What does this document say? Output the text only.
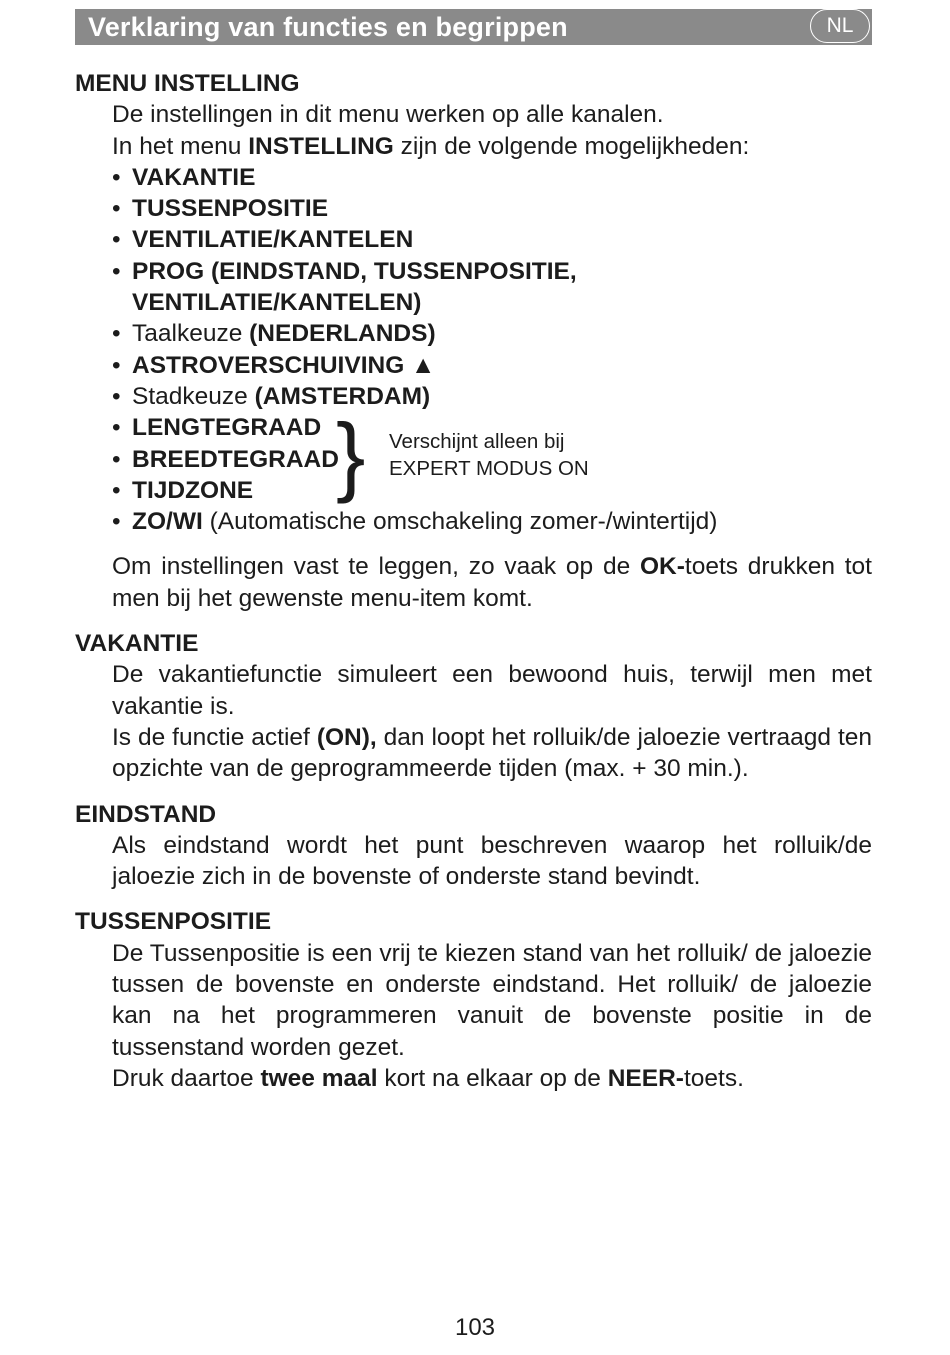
Verklaring van functies en begrippen	NL

MENU INSTELLING

De instellingen in dit menu werken op alle kanalen.

In het menu INSTELLING zijn de volgende mogelijkheden:

• VAKANTIE
• TUSSENPOSITIE
• VENTILATIE/KANTELEN
• PROG (EINDSTAND, TUSSENPOSITIE,
VENTILATIE/KANTELEN)
• Taalkeuze (NEDERLANDS)
• ASTROVERSCHUIVING ▲
• Stadkeuze (AMSTERDAM)
• LENGTEGRAAD
• BREEDTEGRAAD
• TIJDZONE } Verschijnt alleen bij
EXPERT MODUS ON
• ZO/WI (Automatische omschakeling zomer-/wintertijd)

Om instellingen vast te leggen, zo vaak op de OK-toets drukken tot men bij het gewenste menu-item komt.

VAKANTIE

De vakantiefunctie simuleert een bewoond huis, terwijl men met vakantie is.

Is de functie actief (ON), dan loopt het rolluik/de jaloezie vertraagd ten opzichte van de geprogrammeerde tijden (max. + 30 min.).

EINDSTAND

Als eindstand wordt het punt beschreven waarop het rolluik/de jaloezie zich in de bovenste of onderste stand bevindt.

TUSSENPOSITIE

De Tussenpositie is een vrij te kiezen stand van het rolluik/ de jaloezie tussen de bovenste en onderste eindstand. Het rolluik/ de jaloezie kan na het programmeren vanuit de bovenste positie in de tussenstand worden gezet.

Druk daartoe twee maal kort na elkaar op de NEER-toets.

103
